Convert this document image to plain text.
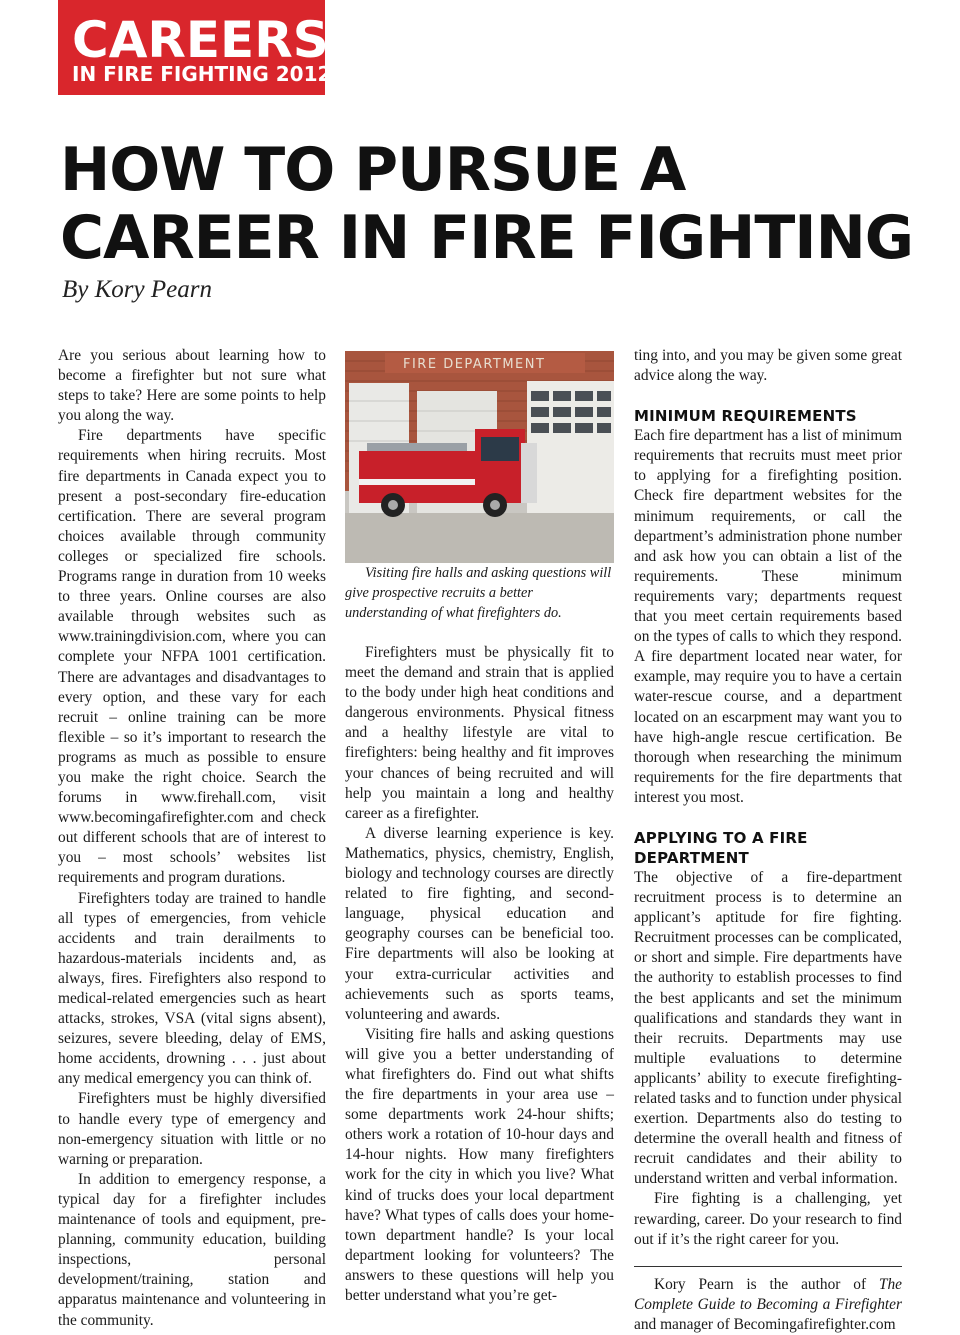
CAREERS
IN FIRE FIGHTING 2012
HOW TO PURSUE A CAREER IN FIRE FIGHTING
By Kory Pearn

Are you serious about learning how to become a firefighter but not sure what steps to take? Here are some points to help you along the way.

Fire departments have specific requirements when hiring recruits. Most fire departments in Canada expect you to present a post-secondary fire-education certification. There are several program choices available through community colleges or specialized fire schools. Programs range in duration from 10 weeks to three years. Online courses are also available through websites such as www.trainingdivision.com, where you can complete your NFPA 1001 certification. There are advantages and disadvantages to every option, and these vary for each recruit – online training can be more flexible – so it’s important to research the programs as much as possible to ensure you make the right choice. Search the forums in www.firehall.com, visit www.becomingafirefighter.com and check out different schools that are of interest to you – most schools’ websites list requirements and program durations.

Firefighters today are trained to handle all types of emergencies, from vehicle accidents and train derailments to hazardous-materials incidents and, as always, fires. Firefighters also respond to medical-related emergencies such as heart attacks, strokes, VSA (vital signs absent), seizures, severe bleeding, delay of EMS, home accidents, drowning . . . just about any medical emergency you can think of.

Firefighters must be highly diversified to handle every type of emergency and non-emergency situation with little or no warning or preparation.

In addition to emergency response, a typical day for a firefighter includes maintenance of tools and equipment, pre-planning, community education, building inspections, personal development/training, station and apparatus maintenance and volunteering in the community.

FIRE DEPARTMENT

Visiting fire halls and asking questions will give prospective recruits a better understanding of what firefighters do.

Firefighters must be physically fit to meet the demand and strain that is applied to the body under high heat conditions and dangerous environments. Physical fitness and a healthy lifestyle are vital to firefighters: being healthy and fit improves your chances of being recruited and will help you maintain a long and healthy career as a firefighter.

A diverse learning experience is key. Mathematics, physics, chemistry, English, biology and technology courses are directly related to fire fighting, and second-language, physical education and geography courses can be beneficial too. Fire departments will also be looking at your extra-curricular activities and achievements such as sports teams, volunteering and awards.

Visiting fire halls and asking questions will give you a better understanding of what firefighters do. Find out what shifts the fire departments in your area use – some departments work 24-hour shifts; others work a rotation of 10-hour days and 14-hour nights. How many firefighters work for the city in which you live? What kind of trucks does your local department have? What types of calls does your home-town department handle? Is your local department looking for volunteers? The answers to these questions will help you better understand what you’re get-

ting into, and you may be given some great advice along the way.

MINIMUM REQUIREMENTS

Each fire department has a list of minimum requirements that recruits must meet prior to applying for a firefighting position. Check fire department websites for the minimum requirements, or call the department’s administration phone number and ask how you can obtain a list of the requirements. These minimum requirements vary; departments request that you meet certain requirements based on the types of calls to which they respond. A fire department located near water, for example, may require you to have a certain water-rescue course, and a department located on an escarpment may want you to have high-angle rescue certification. Be thorough when researching the minimum requirements for the fire departments that interest you most.

APPLYING TO A FIRE DEPARTMENT

The objective of a fire-department recruitment process is to determine an applicant’s aptitude for fire fighting. Recruitment processes can be complicated, or short and simple. Fire departments have the authority to establish processes to find the best applicants and set the minimum qualifications and standards they want in their recruits. Departments may use multiple evaluations to determine applicants’ ability to execute firefighting-related tasks and to function under physical exertion. Departments also do testing to determine the overall health and fitness of recruit candidates and their ability to understand written and verbal information.

Fire fighting is a challenging, yet rewarding, career. Do your research to find out if it’s the right career for you.

Kory Pearn is the author of The Complete Guide to Becoming a Firefighter and manager of Becomingafirefighter.com
